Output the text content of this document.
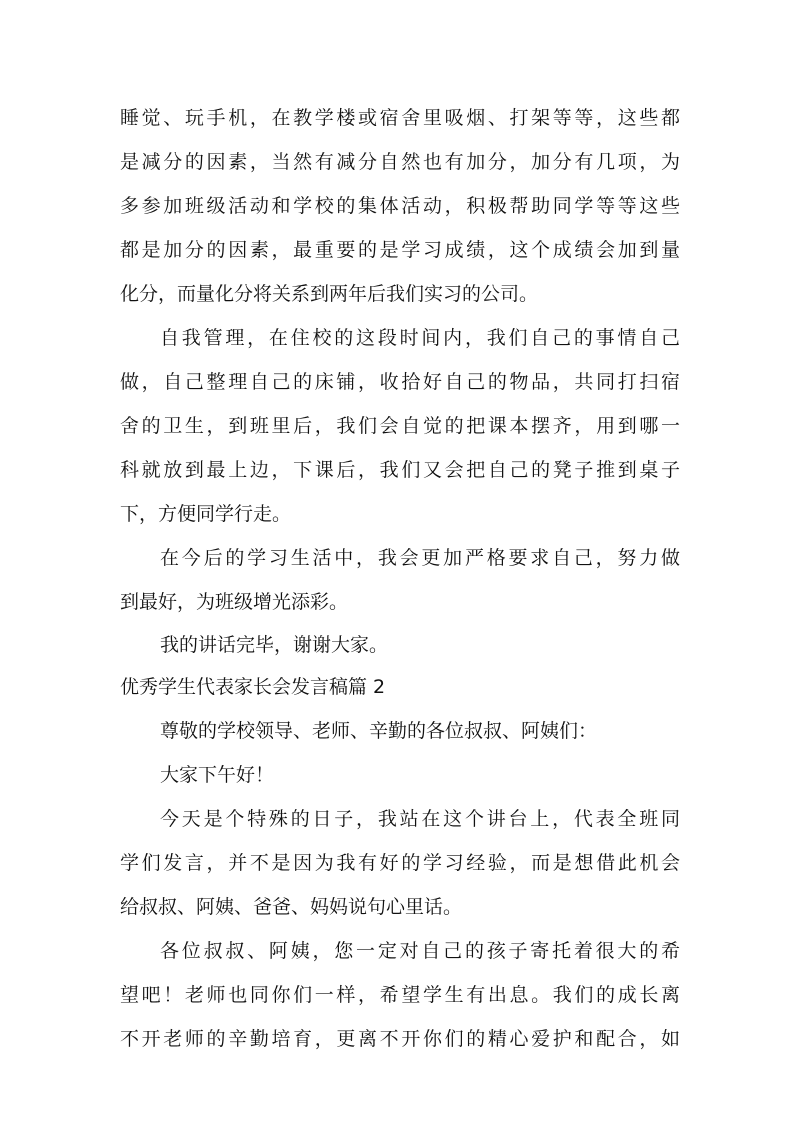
睡觉、玩手机，在教学楼或宿舍里吸烟、打架等等，这些都
是减分的因素，当然有减分自然也有加分，加分有几项，为
多参加班级活动和学校的集体活动，积极帮助同学等等这些
都是加分的因素，最重要的是学习成绩，这个成绩会加到量
化分，而量化分将关系到两年后我们实习的公司。
自我管理，在住校的这段时间内，我们自己的事情自己
做，自己整理自己的床铺，收拾好自己的物品，共同打扫宿
舍的卫生，到班里后，我们会自觉的把课本摆齐，用到哪一
科就放到最上边，下课后，我们又会把自己的凳子推到桌子
下，方便同学行走。
在今后的学习生活中，我会更加严格要求自己，努力做
到最好，为班级增光添彩。
我的讲话完毕，谢谢大家。
优秀学生代表家长会发言稿篇 2
尊敬的学校领导、老师、辛勤的各位叔叔、阿姨们：
大家下午好！
今天是个特殊的日子，我站在这个讲台上，代表全班同
学们发言，并不是因为我有好的学习经验，而是想借此机会
给叔叔、阿姨、爸爸、妈妈说句心里话。
各位叔叔、阿姨，您一定对自己的孩子寄托着很大的希
望吧！老师也同你们一样，希望学生有出息。我们的成长离
不开老师的辛勤培育，更离不开你们的精心爱护和配合，如
